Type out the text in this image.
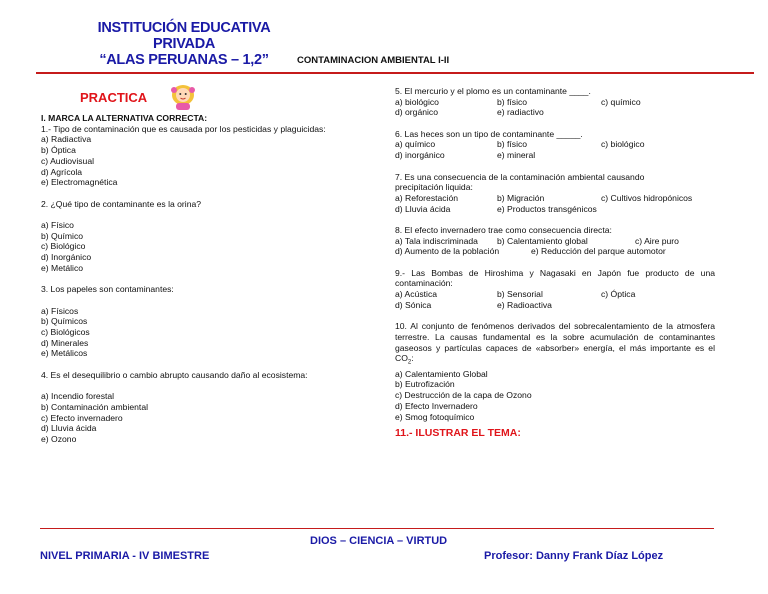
INSTITUCIÓN EDUCATIVA
PRIVADA
“ALAS PERUANAS – 1,2”	CONTAMINACION AMBIENTAL I-II
PRACTICA
I. MARCA LA ALTERNATIVA CORRECTA:
1.- Tipo de contaminación que es causada por los pesticidas y plaguicidas:
a) Radiactiva
b) Óptica
c) Audiovisual
d) Agrícola
e) Electromagnética
2. ¿Qué tipo de contaminante es la orina?
a) Físico
b) Químico
c) Biológico
d) Inorgánico
e) Metálico
3. Los papeles son contaminantes:
a) Físicos
b) Químicos
c) Biológicos
d) Minerales
e) Metálicos
4. Es el desequilibrio o cambio abrupto causando daño al ecosistema:
a) Incendio forestal
b) Contaminación ambiental
c) Efecto invernadero
d) Lluvia ácida
e) Ozono
5. El mercurio y el plomo es un contaminante ____.
a) biológico	b) físico	c) químico
d) orgánico	e) radiactivo
6. Las heces son un tipo de contaminante _____.
a) químico	b) físico	c) biológico
d) inorgánico	e) mineral
7. Es una consecuencia de la contaminación ambiental causando
precipitación liquida:
a) Reforestación	b) Migración	c) Cultivos hidropónicos
d) Lluvia ácida	e) Productos transgénicos
8. El efecto invernadero trae como consecuencia directa:
a) Tala indiscriminada b) Calentamiento global	c) Aire puro
d) Aumento de la población	e) Reducción del parque automotor
9.- Las Bombas de Hiroshima y Nagasaki en Japón fue producto de una contaminación:
a) Acústica	b) Sensorial	c) Óptica
d) Sónica	e) Radioactiva
10. Al conjunto de fenómenos derivados del sobrecalentamiento de la atmosfera terrestre. La causas fundamental es la sobre acumulación de contaminantes gaseosos y partículas capaces de «absorber» energía, el más importante es el $CO_2$:
a) Calentamiento Global
b) Eutrofización
c) Destrucción de la capa de Ozono
d) Efecto Invernadero
e) Smog fotoquímico
11.- ILUSTRAR EL TEMA:
DIOS – CIENCIA – VIRTUD
NIVEL PRIMARIA - IV BIMESTRE	Profesor: Danny Frank Díaz López
